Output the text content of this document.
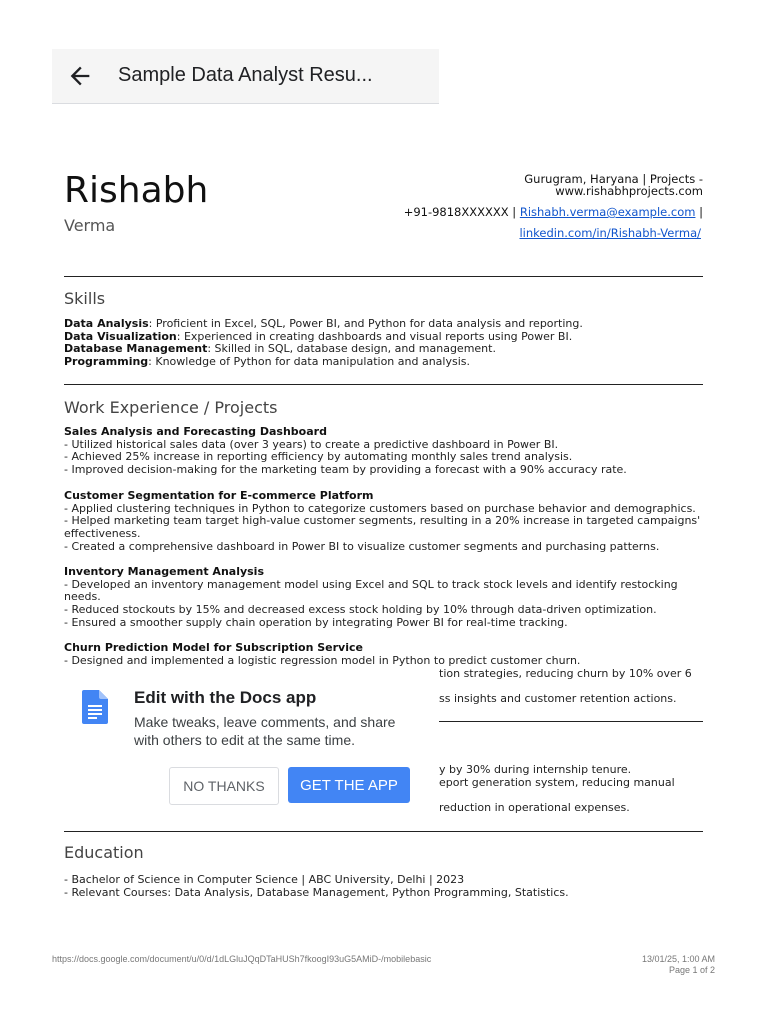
Sample Data Analyst Resu...
Rishabh
Verma
Gurugram, Haryana | Projects -
www.rishabhprojects.com
+91-9818XXXXXX | Rishabh.verma@example.com |
linkedin.com/in/Rishabh-Verma/
Skills
Data Analysis: Proficient in Excel, SQL, Power BI, and Python for data analysis and reporting.
Data Visualization: Experienced in creating dashboards and visual reports using Power BI.
Database Management: Skilled in SQL, database design, and management.
Programming: Knowledge of Python for data manipulation and analysis.
Work Experience / Projects
Sales Analysis and Forecasting Dashboard
- Utilized historical sales data (over 3 years) to create a predictive dashboard in Power BI.
- Achieved 25% increase in reporting efficiency by automating monthly sales trend analysis.
- Improved decision-making for the marketing team by providing a forecast with a 90% accuracy rate.
Customer Segmentation for E-commerce Platform
- Applied clustering techniques in Python to categorize customers based on purchase behavior and demographics.
- Helped marketing team target high-value customer segments, resulting in a 20% increase in targeted campaigns'
effectiveness.
- Created a comprehensive dashboard in Power BI to visualize customer segments and purchasing patterns.
Inventory Management Analysis
- Developed an inventory management model using Excel and SQL to track stock levels and identify restocking
needs.
- Reduced stockouts by 15% and decreased excess stock holding by 10% through data-driven optimization.
- Ensured a smoother supply chain operation by integrating Power BI for real-time tracking.
Churn Prediction Model for Subscription Service
- Designed and implemented a logistic regression model in Python to predict customer churn.
tion strategies, reducing churn by 10% over 6
ss insights and customer retention actions.
y by 30% during internship tenure.
eport generation system, reducing manual
reduction in operational expenses.
Education
- Bachelor of Science in Computer Science | ABC University, Delhi | 2023
- Relevant Courses: Data Analysis, Database Management, Python Programming, Statistics.
Edit with the Docs app
Make tweaks, leave comments, and share with others to edit at the same time.
NO THANKS	GET THE APP
https://docs.google.com/document/u/0/d/1dLGluJQqDTaHUSh7fkoogI93uG5AMiD-/mobilebasic	13/01/25, 1:00 AM
Page 1 of 2
